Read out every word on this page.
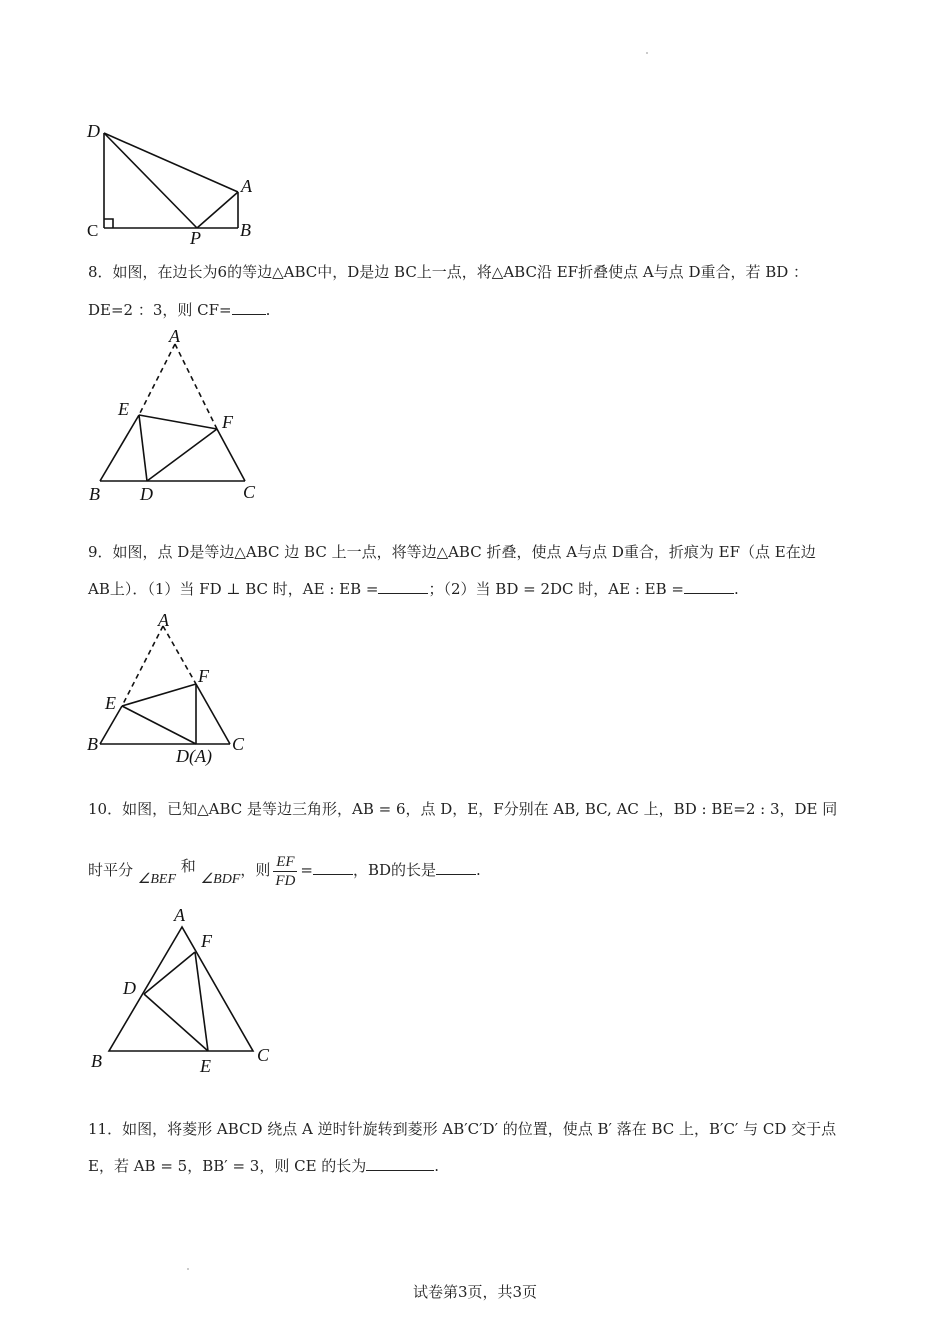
D
A
C	P B
8．如图，在边长为6的等边△ABC中，D是边 BC上一点，将△ABC沿 EF折叠使点 A与点 D重合，若 BD ：
DE=2 ：3，则 CF= .
A
E
F
B D	C
9．如图，点 D是等边△ABC 边 BC 上一点，将等边△ABC 折叠，使点 A与点 D重合，折痕为 EF（点 E在边
AB上）．（1）当 FD ⊥ BC 时，AE : EB =	；（2）当 BD = 2DC 时，AE : EB =	.
A
F
E
B
D(A)
C
10．如图，已知△ABC 是等边三角形，AB = 6，点 D，E，F分别在 AB, BC, AC 上，BD : BE=2 : 3，DE 同
时平分 ∠BEF 和 ∠BDF，则 $\frac{EF}{FD}$ =	，BD的长是	.
A
F
D
B	E
C
11．如图，将菱形 ABCD 绕点 A 逆时针旋转到菱形 AB′C′D′ 的位置，使点 B′ 落在 BC 上，B′C′ 与 CD 交于点
E，若 AB = 5，BB′ = 3，则 CE 的长为	.
试卷第3页，共3页
